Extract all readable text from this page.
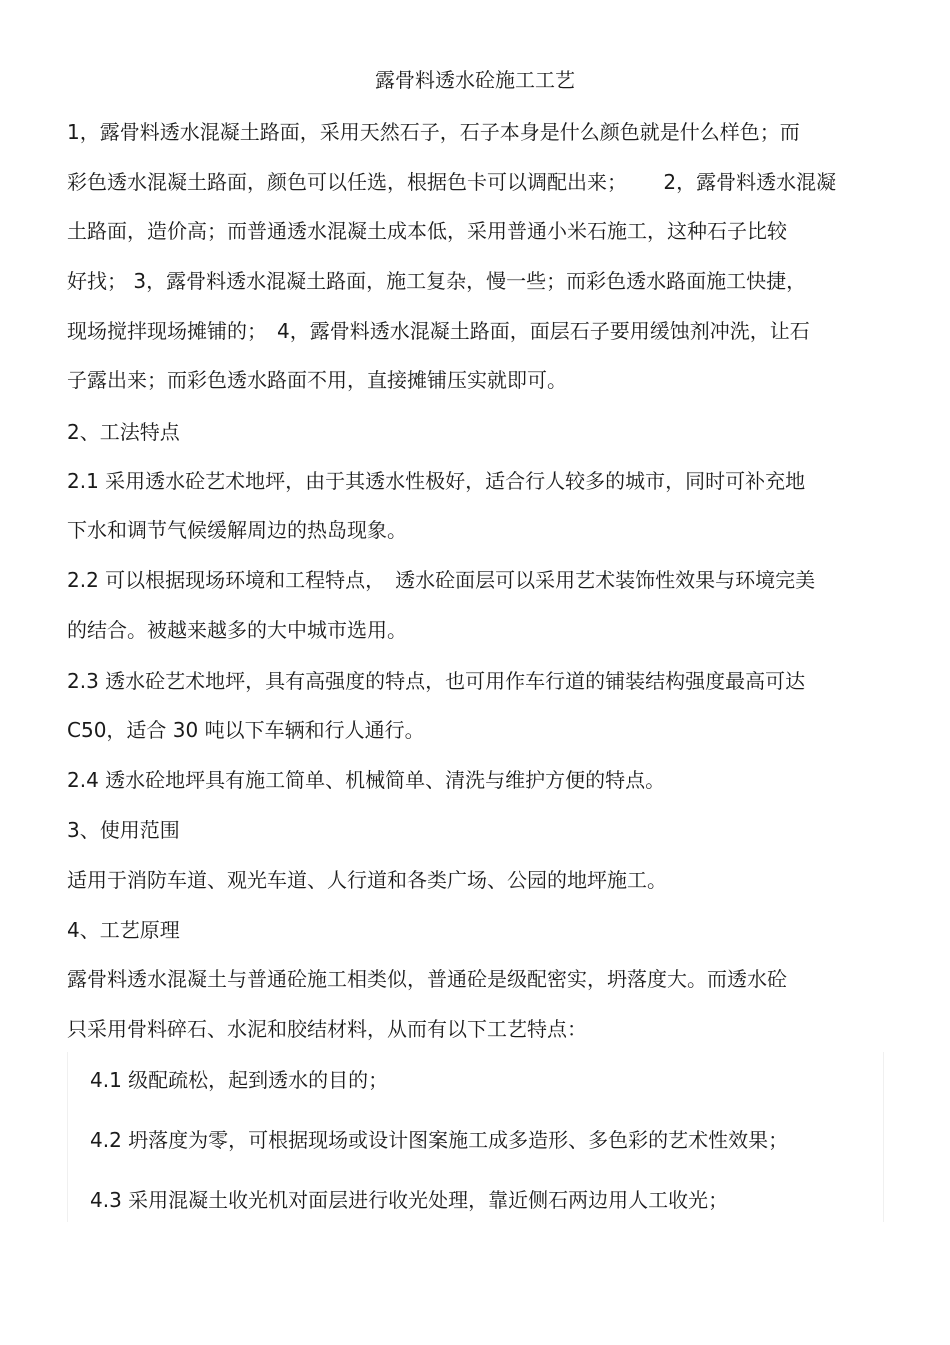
露骨料透水砼施工工艺
1，露骨料透水混凝土路面，采用天然石子，石子本身是什么颜色就是什么样色；而
彩色透水混凝土路面，颜色可以任选，根据色卡可以调配出来；　　 2，露骨料透水混凝
土路面，造价高；而普通透水混凝土成本低，采用普通小米石施工，这种石子比较
好找； 3，露骨料透水混凝土路面，施工复杂，慢一些；而彩色透水路面施工快捷，
现场搅拌现场摊铺的；　4，露骨料透水混凝土路面，面层石子要用缓蚀剂冲洗，让石
子露出来；而彩色透水路面不用，直接摊铺压实就即可。
2、工法特点
2.1 采用透水砼艺术地坪，由于其透水性极好，适合行人较多的城市，同时可补充地
下水和调节气候缓解周边的热岛现象。
2.2 可以根据现场环境和工程特点，　透水砼面层可以采用艺术装饰性效果与环境完美
的结合。被越来越多的大中城市选用。
2.3 透水砼艺术地坪，具有高强度的特点，也可用作车行道的铺装结构强度最高可达
C50，适合 30 吨以下车辆和行人通行。
2.4 透水砼地坪具有施工简单、机械简单、清洗与维护方便的特点。
3、使用范围
适用于消防车道、观光车道、人行道和各类广场、公园的地坪施工。
4、工艺原理
露骨料透水混凝土与普通砼施工相类似，普通砼是级配密实，坍落度大。而透水砼
只采用骨料碎石、水泥和胶结材料，从而有以下工艺特点：
4.1 级配疏松，起到透水的目的；
4.2 坍落度为零，可根据现场或设计图案施工成多造形、多色彩的艺术性效果；
4.3 采用混凝土收光机对面层进行收光处理，靠近侧石两边用人工收光；
